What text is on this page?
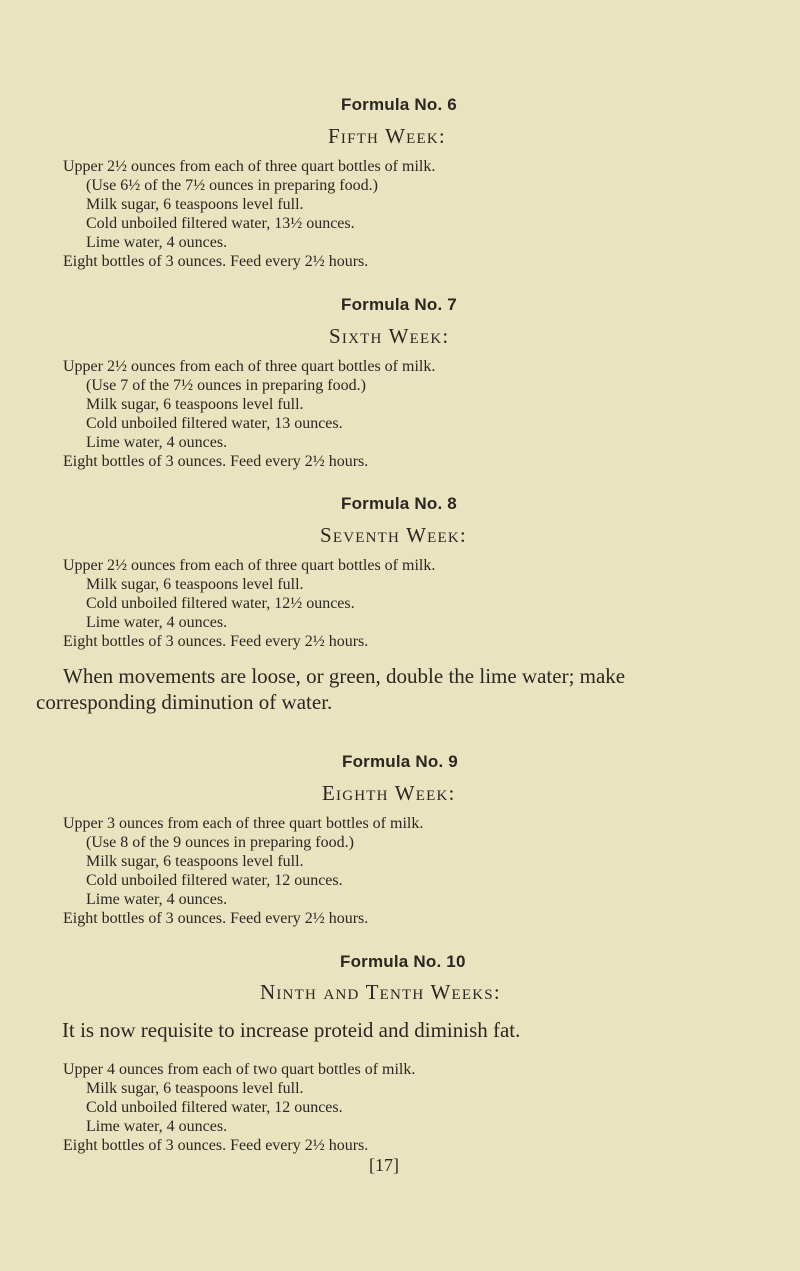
Formula No. 6
Fifth Week:
Upper 2½ ounces from each of three quart bottles of milk.
(Use 6½ of the 7½ ounces in preparing food.)
Milk sugar, 6 teaspoons level full.
Cold unboiled filtered water, 13½ ounces.
Lime water, 4 ounces.
Eight bottles of 3 ounces. Feed every 2½ hours.
Formula No. 7
Sixth Week:
Upper 2½ ounces from each of three quart bottles of milk.
(Use 7 of the 7½ ounces in preparing food.)
Milk sugar, 6 teaspoons level full.
Cold unboiled filtered water, 13 ounces.
Lime water, 4 ounces.
Eight bottles of 3 ounces. Feed every 2½ hours.
Formula No. 8
Seventh Week:
Upper 2½ ounces from each of three quart bottles of milk.
Milk sugar, 6 teaspoons level full.
Cold unboiled filtered water, 12½ ounces.
Lime water, 4 ounces.
Eight bottles of 3 ounces. Feed every 2½ hours.
When movements are loose, or green, double the lime water; make
corresponding diminution of water.
Formula No. 9
Eighth Week:
Upper 3 ounces from each of three quart bottles of milk.
(Use 8 of the 9 ounces in preparing food.)
Milk sugar, 6 teaspoons level full.
Cold unboiled filtered water, 12 ounces.
Lime water, 4 ounces.
Eight bottles of 3 ounces. Feed every 2½ hours.
Formula No. 10
Ninth and Tenth Weeks:
It is now requisite to increase proteid and diminish fat.
Upper 4 ounces from each of two quart bottles of milk.
Milk sugar, 6 teaspoons level full.
Cold unboiled filtered water, 12 ounces.
Lime water, 4 ounces.
Eight bottles of 3 ounces. Feed every 2½ hours.
[17]
